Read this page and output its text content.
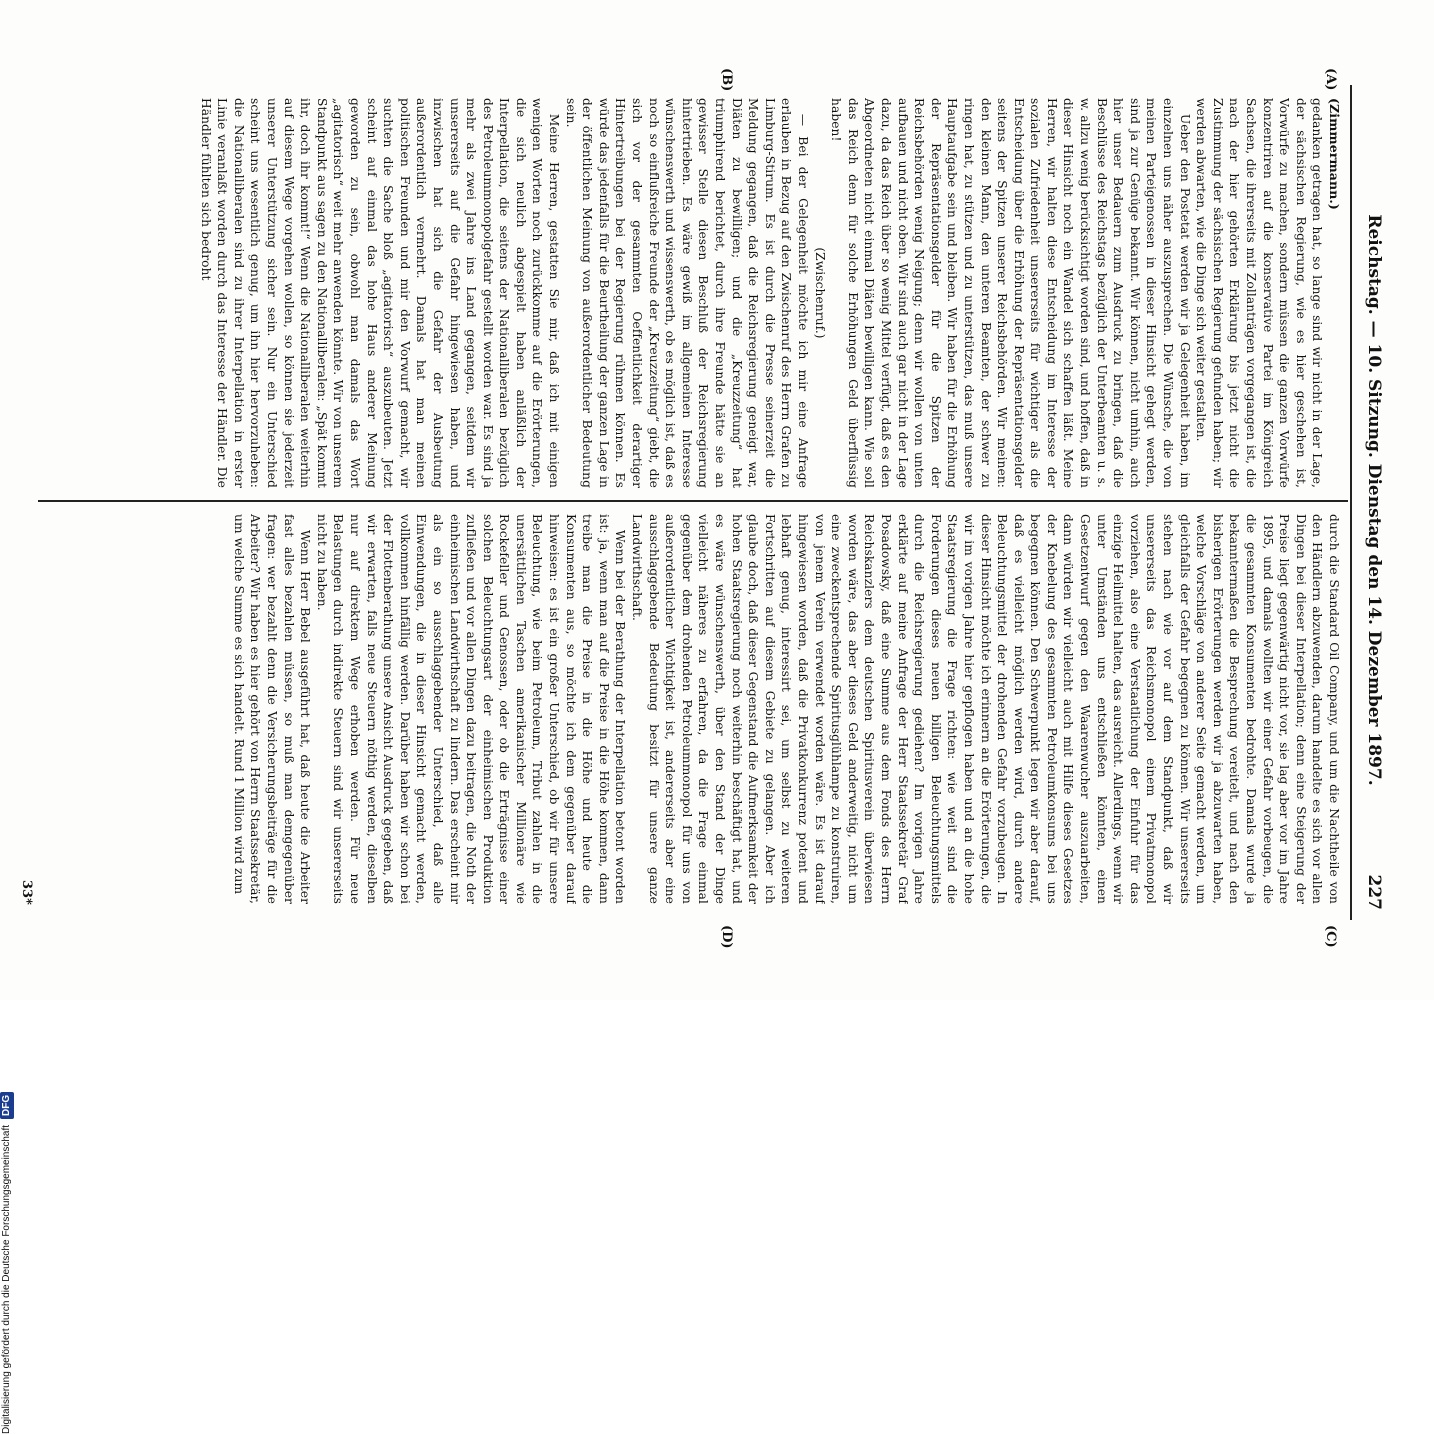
Reichstag. — 10. Sitzung. Dienstag den 14. Dezember 1897.
227
(A)
(B)
(C)
(D)

(Zimmermann.)

gedanken getragen hat, so lange sind wir nicht in der Lage, der sächsischen Regierung, wie es hier geschehen ist, Vorwürfe zu machen, sondern müssen die ganzen Vorwürfe konzentriren auf die konservative Partei im Königreich Sachsen, die ihrerseits mit Zollanträgen vorgegangen ist, die nach der hier gehörten Erklärung bis jetzt nicht die Zustimmung der sächsischen Regierung gefunden haben; wir werden abwarten, wie die Dinge sich weiter gestalten.

Ueber den Postetat werden wir ja Gelegenheit haben, im einzelnen uns näher auszusprechen. Die Wünsche, die von meinen Parteigenossen in dieser Hinsicht gehegt werden, sind ja zur Genüge bekannt. Wir können, nicht umhin, auch hier unser Bedauern zum Ausdruck zu bringen, daß die Beschlüsse des Reichstags bezüglich der Unterbeamten u. s. w. allzu wenig berücksichtigt worden sind, und hoffen, daß in dieser Hinsicht noch ein Wandel sich schaffen läßt. Meine Herren, wir halten diese Entscheidung im Interesse der sozialen Zufriedenheit unsererseits für wichtiger als die Entscheidung über die Erhöhung der Repräsentationsgelder seitens der Spitzen unserer Reichsbehörden. Wir meinen: den kleinen Mann, den unteren Beamten, der schwer zu ringen hat, zu stützen und zu unterstützen, das muß unsere Hauptaufgabe sein und bleiben. Wir haben für die Erhöhung der Repräsentationsgelder für die Spitzen der Reichsbehörden wenig Neigung; denn wir wollen von unten aufbauen und nicht oben. Wir sind auch gar nicht in der Lage dazu, da das Reich über so wenig Mittel verfügt, daß es den Abgeordneten nicht einmal Diäten bewilligen kann. Wie soll das Reich denn für solche Erhöhungen Geld überflüssig haben!

(Zwischenruf.)

— Bei der Gelegenheit möchte ich mir eine Anfrage erlauben in Bezug auf den Zwischenruf des Herrn Grafen zu Limburg-Stirum. Es ist durch die Presse seinerzeit die Meldung gegangen, daß die Reichsregierung geneigt war, Diäten zu bewilligen; und die „Kreuzzeitung“ hat triumphirend berichtet, durch ihre Freunde hätte sie an gewisser Stelle diesen Beschluß der Reichsregierung hintertrieben. Es wäre gewiß im allgemeinen Interesse wünschenswerth und wissenswerth, ob es möglich ist, daß es noch so einflußreiche Freunde der „Kreuzzeitung“ giebt, die sich vor der gesammten Oeffentlichkeit derartiger Hintertreibungen bei der Regierung rühmen können. Es würde das jedenfalls für die Beurtheilung der ganzen Lage in der öffentlichen Meinung von außerordentlicher Bedeutung sein.

Meine Herren, gestatten Sie mir, daß ich mit einigen wenigen Worten noch zurückkomme auf die Erörterungen, die sich neulich abgespielt haben anläßlich der Interpellation, die seitens der Nationalliberalen bezüglich des Petroleummonopolgefahr gestellt worden war. Es sind ja mehr als zwei Jahre ins Land gegangen, seitdem wir unsererseits auf die Gefahr hingewiesen haben, und inzwischen hat sich die Gefahr der Ausbeutung außerordentlich vermehrt. Damals hat man meinen politischen Freunden und mir den Vorwurf gemacht, wir suchten die Sache bloß „agitatorisch“ auszubeuten. Jetzt scheint auf einmal das hohe Haus anderer Meinung geworden zu sein, obwohl man damals das Wort „agitatorisch“ weit mehr anwenden könnte. Wir von unserem Standpunkt aus sagen zu den Nationalliberalen: „Spät kommt ihr, doch ihr kommt!“ Wenn die Nationalliberalen weiterhin auf diesem Wege vorgehen wollen, so können sie jederzeit unserer Unterstützung sicher sein. Nur ein Unterschied scheint uns wesentlich genug, um ihn hier hervorzuheben: die Nationalliberalen sind zu ihrer Interpellation in erster Linie veranlaßt worden durch das Interesse der Händler. Die Händler fühlten sich bedroht

durch die Standard Oil Company, und um die Nachtheile von den Händlern abzuwenden, darum handelte es sich vor allen Dingen bei dieser Interpellation; denn eine Steigerung der Preise liegt gegenwärtig nicht vor, sie lag aber vor im Jahre 1895, und damals wollten wir einer Gefahr vorbeugen, die die gesammten Konsumenten bedrohte. Damals wurde ja bekanntermaßen die Besprechung vereitelt, und nach den bisherigen Erörterungen werden wir ja abzuwarten haben, welche Vorschläge von anderer Seite gemacht werden, um gleichfalls der Gefahr begegnen zu können. Wir unsererseits stehen nach wie vor auf dem Standpunkt, daß wir unsererseits das Reichsmonopol einem Privatmonopol vorziehen, also eine Verstaatlichung der Einfuhr für das einzige Heilmittel halten, das ausreicht. Allerdings, wenn wir unter Umständen uns entschließen könnten, einen Gesetzentwurf gegen den Waarenwucher auszuarbeiten, dann würden wir vielleicht auch mit Hilfe dieses Gesetzes der Knebelung des gesammten Petroleumkonsums bei uns begegnen können. Den Schwerpunkt legen wir aber darauf, daß es vielleicht möglich werden wird, durch andere Beleuchtungsmittel der drohenden Gefahr vorzubeugen. In dieser Hinsicht möchte ich erinnern an die Erörterungen, die wir im vorigen Jahre hier gepflogen haben und an die hohe Staatsregierung die Frage richten: wie weit sind die Forderungen dieses neuen billigen Beleuchtungsmittels durch die Reichsregierung gediehen? Im vorigen Jahre erklärte auf meine Anfrage der Herr Staatssekretär Graf Posadowsky, daß eine Summe aus dem Fonds des Herrn Reichskanzlers dem deutschen Spiritusverein überwiesen worden wäre, das aber dieses Geld anderweitig, nicht um eine zweckentsprechende Spiritusglühlampe zu konstruiren, von jenem Verein verwendet worden wäre. Es ist darauf hingewiesen worden, daß die Privatkonkurrenz potent und lebhaft genug, interessirt sei, um selbst zu weiteren Fortschritten auf diesem Gebiete zu gelangen. Aber ich glaube doch, daß dieser Gegenstand die Aufmerksamkeit der hohen Staatsregierung noch weiterhin beschäftigt hat, und es wäre wünschenswerth, über den Stand der Dinge vielleicht näheres zu erfahren, da die Frage einmal gegenüber dem drohenden Petroleummonopol für uns von außerordentlicher Wichtigkeit ist, andererseits aber eine ausschlaggebende Bedeutung besitzt für unsere ganze Landwirthschaft.

Wenn bei der Berathung der Interpellation betont worden ist: ja, wenn man auf die Preise in die Höhe kommen, dann treibe man die Preise in die Höhe und heute die Konsumenten aus, so möchte ich dem gegenüber darauf hinweisen: es ist ein großer Unterschied, ob wir für unsere Beleuchtung, wie beim Petroleum, Tribut zahlen in die unersättlichen Taschen amerikanischer Millionäre wie Rockefeller und Genossen, oder ob die Erträgnisse einer solchen Beleuchtungsart der einheimischen Produktion zufließen und vor allen Dingen dazu beitragen, die Noth der einheimischen Landwirthschaft zu lindern. Das erscheint mir als ein so ausschlaggebender Unterschied, daß alle Einwendungen, die in dieser Hinsicht gemacht werden, vollkommen hinfällig werden. Darüber haben wir schon bei der Flottenberathung unsere Ansicht Ausdruck gegeben, daß wir erwarten, falls neue Steuern nöthig werden, dieselben nur auf direktem Wege erhoben werden. Für neue Belastungen durch indirekte Steuern sind wir unsererseits nicht zu haben.

Wenn Herr Bebel ausgeführt hat, daß heute die Arbeiter fast alles bezahlen müssen, so muß man demgegenüber fragen: wer bezahlt denn die Versicherungsbeiträge für die Arbeiter? Wir haben es hier gehört von Herrn Staatssekretär, um welche Summe es sich handelt. Rund 1 Million wird zum

33*
Digitalisierung gefördert durch die Deutsche ForschungsgemeinschaftDFG
